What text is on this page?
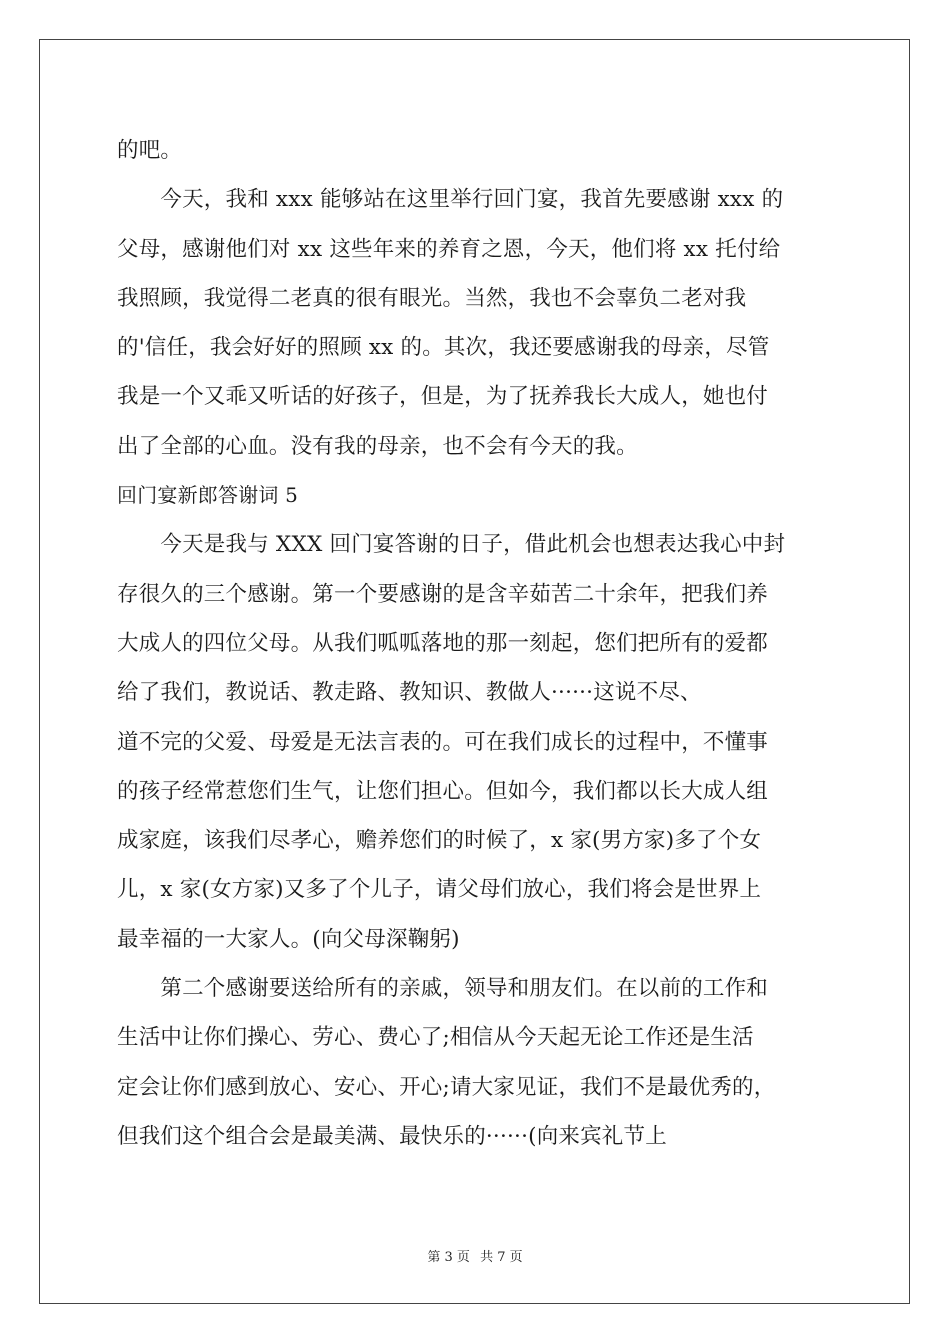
的吧。
　　今天，我和 xxx 能够站在这里举行回门宴，我首先要感谢 xxx 的
父母，感谢他们对 xx 这些年来的养育之恩，今天，他们将 xx 托付给
我照顾，我觉得二老真的很有眼光。当然，我也不会辜负二老对我
的'信任，我会好好的照顾 xx 的。其次，我还要感谢我的母亲，尽管
我是一个又乖又听话的好孩子，但是，为了抚养我长大成人，她也付
出了全部的心血。没有我的母亲，也不会有今天的我。
回门宴新郎答谢词 5
　　今天是我与 XXX 回门宴答谢的日子，借此机会也想表达我心中封
存很久的三个感谢。第一个要感谢的是含辛茹苦二十余年，把我们养
大成人的四位父母。从我们呱呱落地的那一刻起，您们把所有的爱都
给了我们，教说话、教走路、教知识、教做人······这说不尽、
道不完的父爱、母爱是无法言表的。可在我们成长的过程中，不懂事
的孩子经常惹您们生气，让您们担心。但如今，我们都以长大成人组
成家庭，该我们尽孝心，赡养您们的时候了，x 家(男方家)多了个女
儿，x 家(女方家)又多了个儿子，请父母们放心，我们将会是世界上
最幸福的一大家人。(向父母深鞠躬)
　　第二个感谢要送给所有的亲戚，领导和朋友们。在以前的工作和
生活中让你们操心、劳心、费心了;相信从今天起无论工作还是生活
定会让你们感到放心、安心、开心;请大家见证，我们不是最优秀的，
但我们这个组合会是最美满、最快乐的······(向来宾礼节上
第 3 页 共 7 页
